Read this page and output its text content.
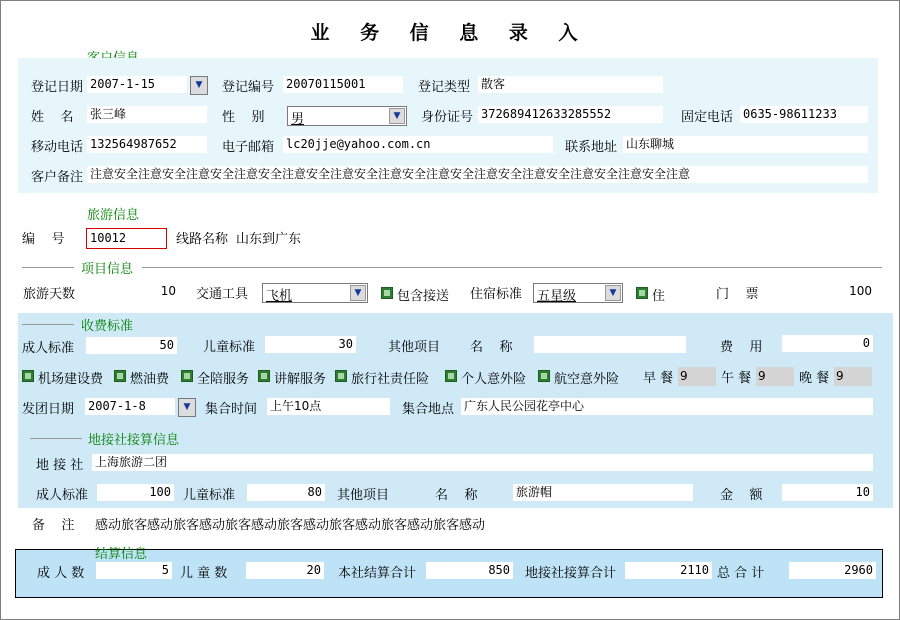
业 务 信 息 录 入
登记日期 2007-1-15	▼	登记编号 20070115001	登记类型 散客
姓    名 张三峰	性    别 男	▼	身份证号 372689412633285552	固定电话 0635-98611233
移动电话 132564987652	电子邮箱 lc20jje@yahoo.com.cn	联系地址 山东聊城
客户备注 注意安全注意安全注意安全注意安全注意安全注意安全注意安全注意安全注意安全注意安全注意安全注意安全注意
旅游信息
编    号	10012	线路名称 山东到广东
项目信息
旅游天数	10 交通工具 飞机	▼	包含接送 住宿标准 五星级	▼	住	门    票	100
收费标准
成人标准	50 儿童标准	30	其他项目 名    称	费    用	0
机场建设费 燃油费 全陪服务 讲解服务 旅行社责任险 个人意外险 航空意外险 早 餐 9	午 餐 9	晚 餐 9
发团日期 2007-1-8	▼	集合时间 上午10点	集合地点 广东人民公园花亭中心
地接社接算信息
地 接 社 上海旅游二团
成人标准	100 儿童标准	80 其他项目	名    称	旅游帽	金    额	10
备    注 感动旅客感动旅客感动旅客感动旅客感动旅客感动旅客感动旅客感动
结算信息
成 人 数	5 儿 童 数	20 本社结算合计	850 地接社接算合计	2110 总 合 计	2960
